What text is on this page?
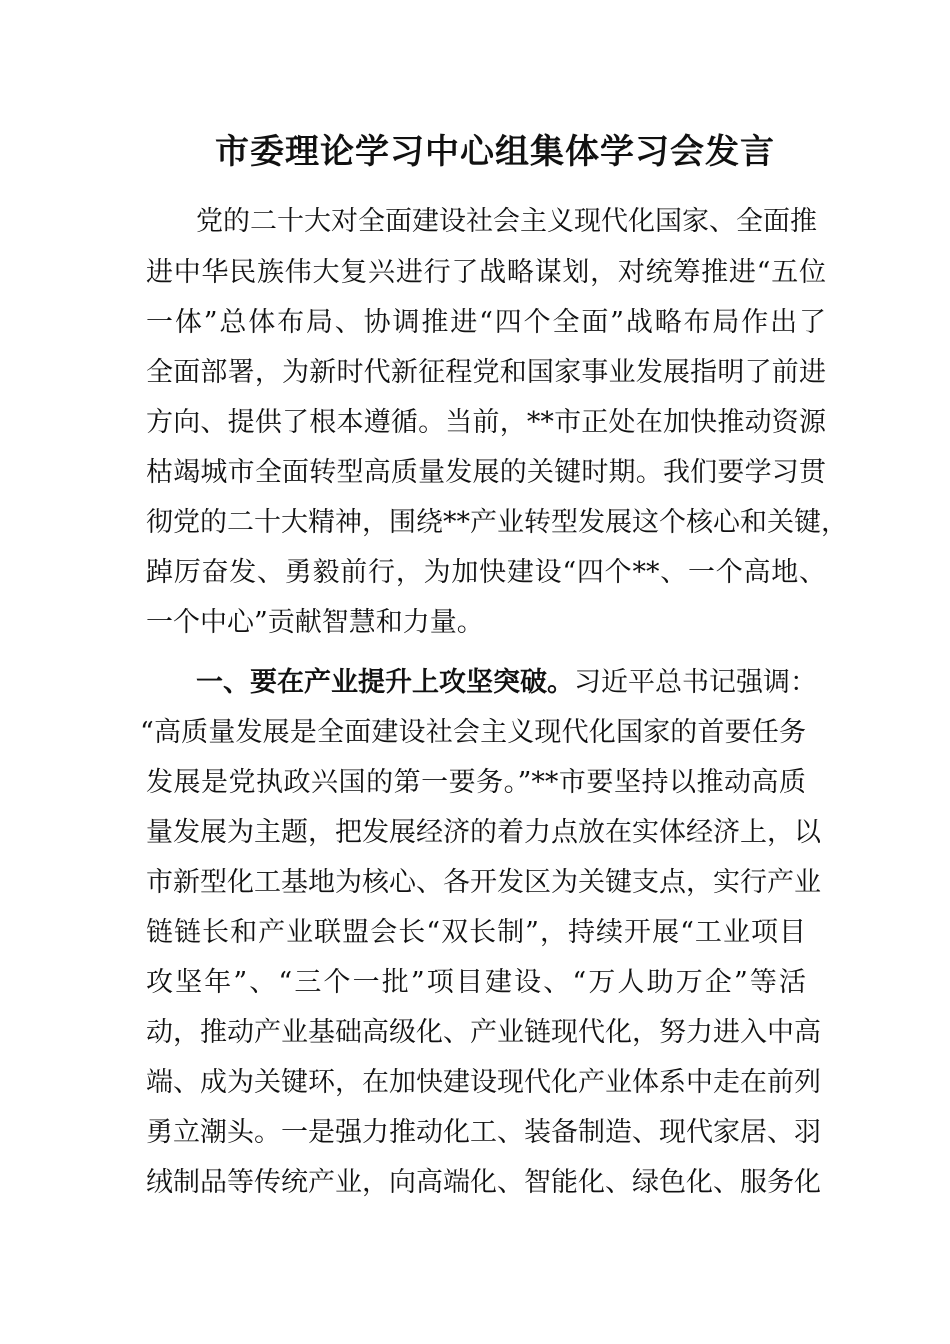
市委理论学习中心组集体学习会发言

党的二十大对全面建设社会主义现代化国家、全面推

进中华民族伟大复兴进行了战略谋划，对统筹推进“五位

一体”总体布局、协调推进“四个全面”战略布局作出了

全面部署，为新时代新征程党和国家事业发展指明了前进

方向、提供了根本遵循。当前，**市正处在加快推动资源

枯竭城市全面转型高质量发展的关键时期。我们要学习贯

彻党的二十大精神，围绕**产业转型发展这个核心和关键，

踔厉奋发、勇毅前行，为加快建设“四个**、一个高地、

一个中心”贡献智慧和力量。

一、要在产业提升上攻坚突破。习近平总书记强调：

“高质量发展是全面建设社会主义现代化国家的首要任务

发展是党执政兴国的第一要务。”**市要坚持以推动高质

量发展为主题，把发展经济的着力点放在实体经济上，以

市新型化工基地为核心、各开发区为关键支点，实行产业

链链长和产业联盟会长“双长制”，持续开展“工业项目

攻坚年”、“三个一批”项目建设、“万人助万企”等活

动，推动产业基础高级化、产业链现代化，努力进入中高

端、成为关键环，在加快建设现代化产业体系中走在前列

勇立潮头。一是强力推动化工、装备制造、现代家居、羽

绒制品等传统产业，向高端化、智能化、绿色化、服务化
